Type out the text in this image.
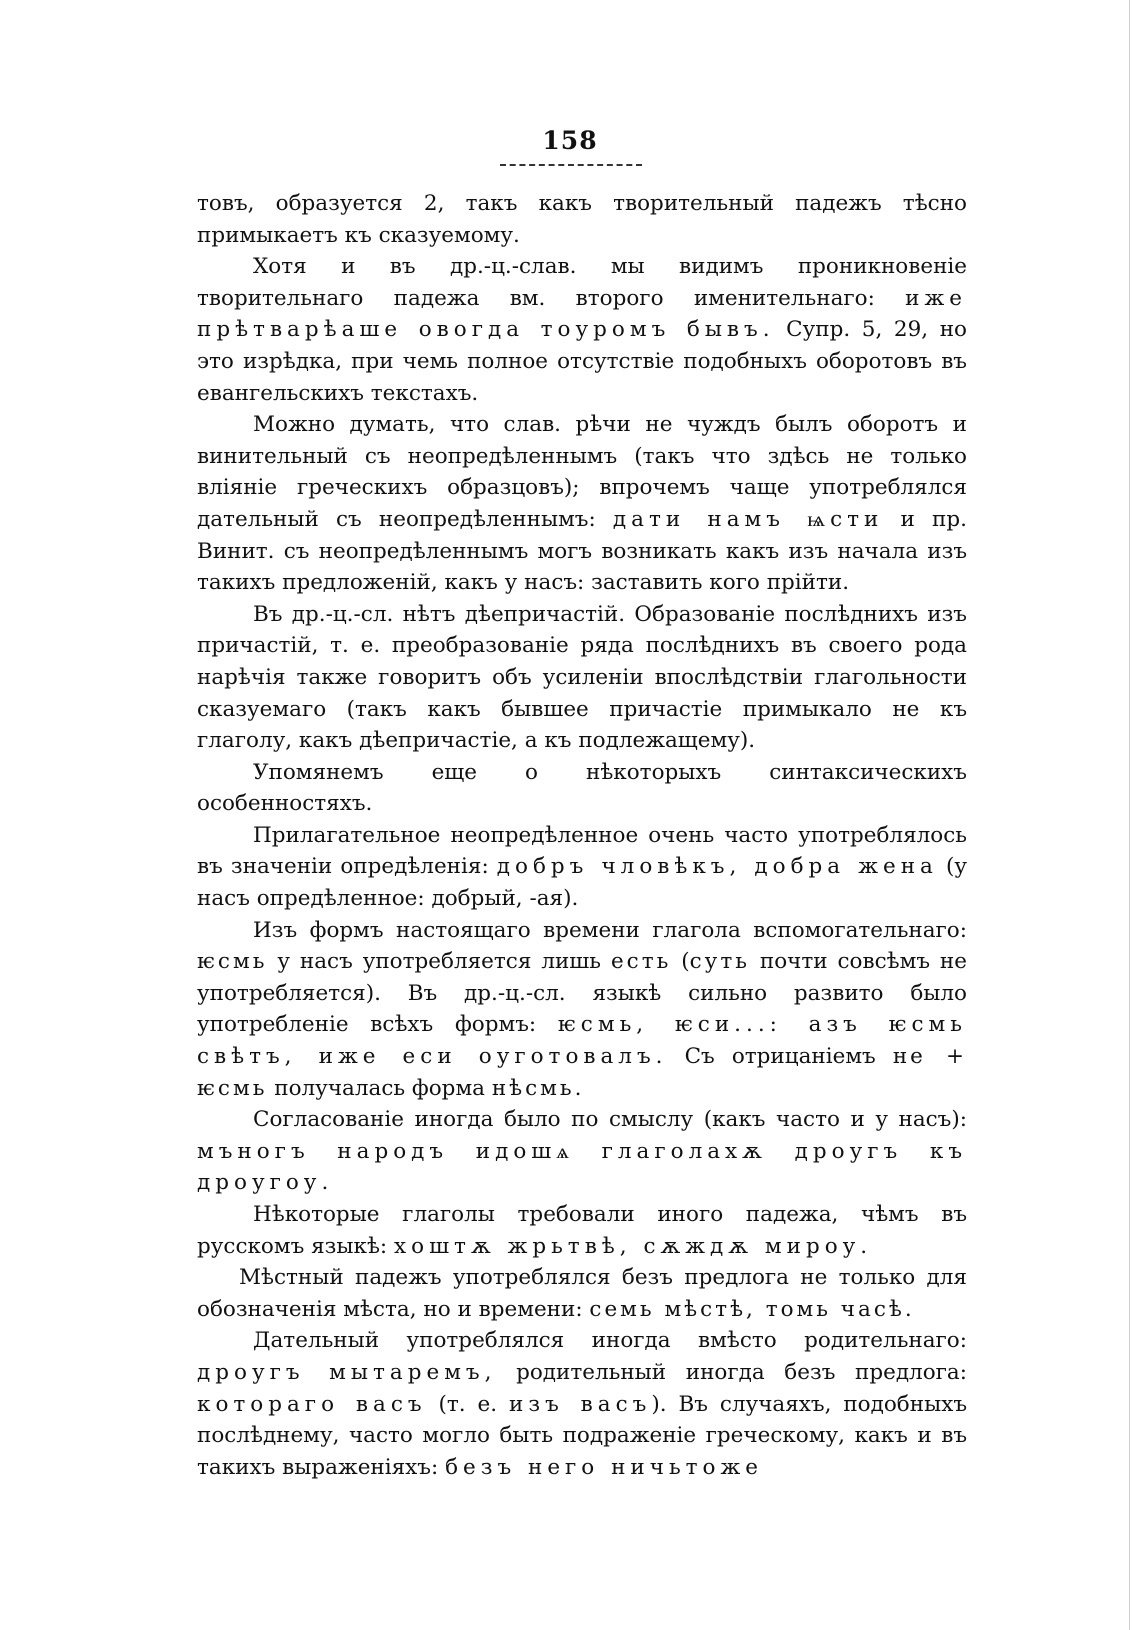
158

товъ, образуется 2, такъ какъ творительный падежъ тѣсно примыкаетъ къ сказуемому.

Хотя и въ др.-ц.-слав. мы видимъ проникновеніе творительнаго падежа вм. второго именительнаго: иже прѣтварѣаше овогда тоуромъ бывъ. Супр. 5, 29, но это изрѣдка, при чемь полное отсутствіе подобныхъ оборотовъ въ евангельскихъ текстахъ.

Можно думать, что слав. рѣчи не чуждъ былъ оборотъ и винительный съ неопредѣленнымъ (такъ что здѣсь не только вліяніе греческихъ образцовъ); впрочемъ чаще употреблялся дательный съ неопредѣленнымъ: дати намъ ѩсти и пр. Винит. съ неопредѣленнымъ могъ возникать какъ изъ начала изъ такихъ предложеній, какъ у насъ: заставить кого прійти.

Въ др.-ц.-сл. нѣтъ дѣепричастій. Образованіе послѣднихъ изъ причастій, т. е. преобразованіе ряда послѣднихъ въ своего рода нарѣчія также говоритъ объ усиленіи впослѣдствіи глагольности сказуемаго (такъ какъ бывшее причастіе примыкало не къ глаголу, какъ дѣепричастіе, а къ подлежащему).

Упомянемъ еще о нѣкоторыхъ синтаксическихъ особенностяхъ.

Прилагательное неопредѣленное очень часто употреблялось въ значеніи опредѣленія: добръ чловѣкъ, добра жена (у насъ опредѣленное: добрый, -ая).

Изъ формъ настоящаго времени глагола вспомогательнаго: ѥсмь у насъ употребляется лишь есть (суть почти совсѣмъ не употребляется). Въ др.-ц.-сл. языкѣ сильно развито было употребленіе всѣхъ формъ: ѥсмь, ѥси...: азъ ѥсмь свѣтъ, иже еси оуготовалъ. Съ отрицаніемъ не + ѥсмь получалась форма нѣсмь.

Согласованіе иногда было по смыслу (какъ часто и у насъ): мъногъ народъ идошѧ глаголахѫ дроугъ къ дроугоу.

Нѣкоторые глаголы требовали иного падежа, чѣмъ въ русскомъ языкѣ: хоштѫ жрьтвѣ, сѫждѫ мироу.

Мѣстный падежъ употреблялся безъ предлога не только для обозначенія мѣста, но и времени: семь мѣстѣ, томь часѣ.

Дательный употреблялся иногда вмѣсто родительнаго: дроугъ мытаремъ, родительный иногда безъ предлога: котораго васъ (т. е. изъ васъ). Въ случаяхъ, подобныхъ послѣднему, часто могло быть подраженіе греческому, какъ и въ такихъ выраженіяхъ: безъ него ничьтоже
